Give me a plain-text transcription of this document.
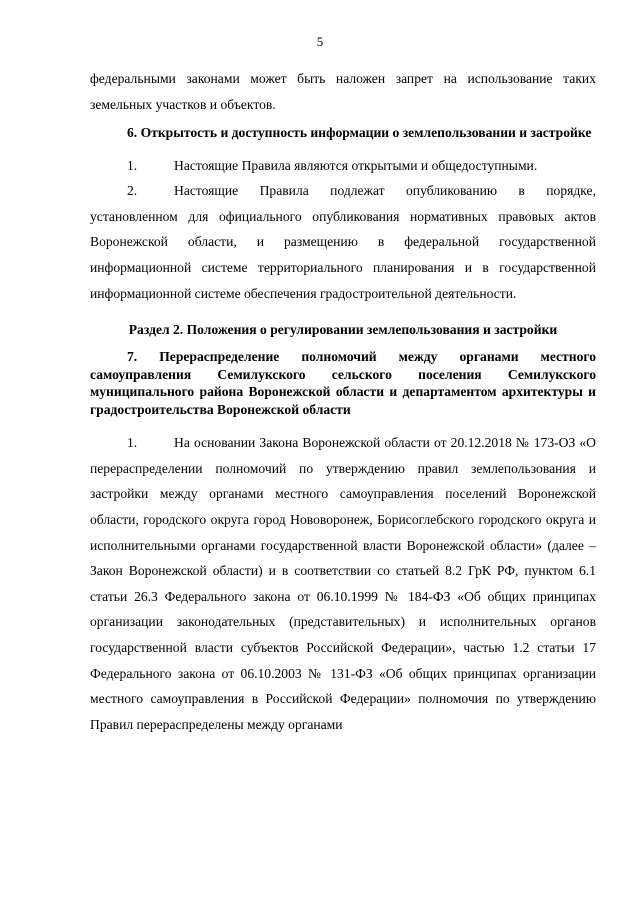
5

федеральными законами может быть наложен запрет на использование таких земельных участков и объектов.

6. Открытость и доступность информации о землепользовании и застройке

1.	Настоящие Правила являются открытыми и общедоступными.

2.	Настоящие Правила подлежат опубликованию в порядке, установленном для официального опубликования нормативных правовых актов Воронежской области, и размещению в федеральной государственной информационной системе территориального планирования и в государственной информационной системе обеспечения градостроительной деятельности.

Раздел 2. Положения о регулировании землепользования и застройки

7. Перераспределение полномочий между органами местного самоуправления Семилукского сельского поселения Семилукского муниципального района Воронежской области и департаментом архитектуры и градостроительства Воронежской области

1.	На основании Закона Воронежской области от 20.12.2018 № 173-ОЗ «О перераспределении полномочий по утверждению правил землепользования и застройки между органами местного самоуправления поселений Воронежской области, городского округа город Нововоронеж, Борисоглебского городского округа и исполнительными органами государственной власти Воронежской области» (далее – Закон Воронежской области) и в соответствии со статьей 8.2 ГрК РФ, пунктом 6.1 статьи 26.3 Федерального закона от 06.10.1999 № 184-ФЗ «Об общих принципах организации законодательных (представительных) и исполнительных органов государственной власти субъектов Российской Федерации», частью 1.2 статьи 17 Федерального закона от 06.10.2003 № 131-ФЗ «Об общих принципах организации местного самоуправления в Российской Федерации» полномочия по утверждению Правил перераспределены между органами
